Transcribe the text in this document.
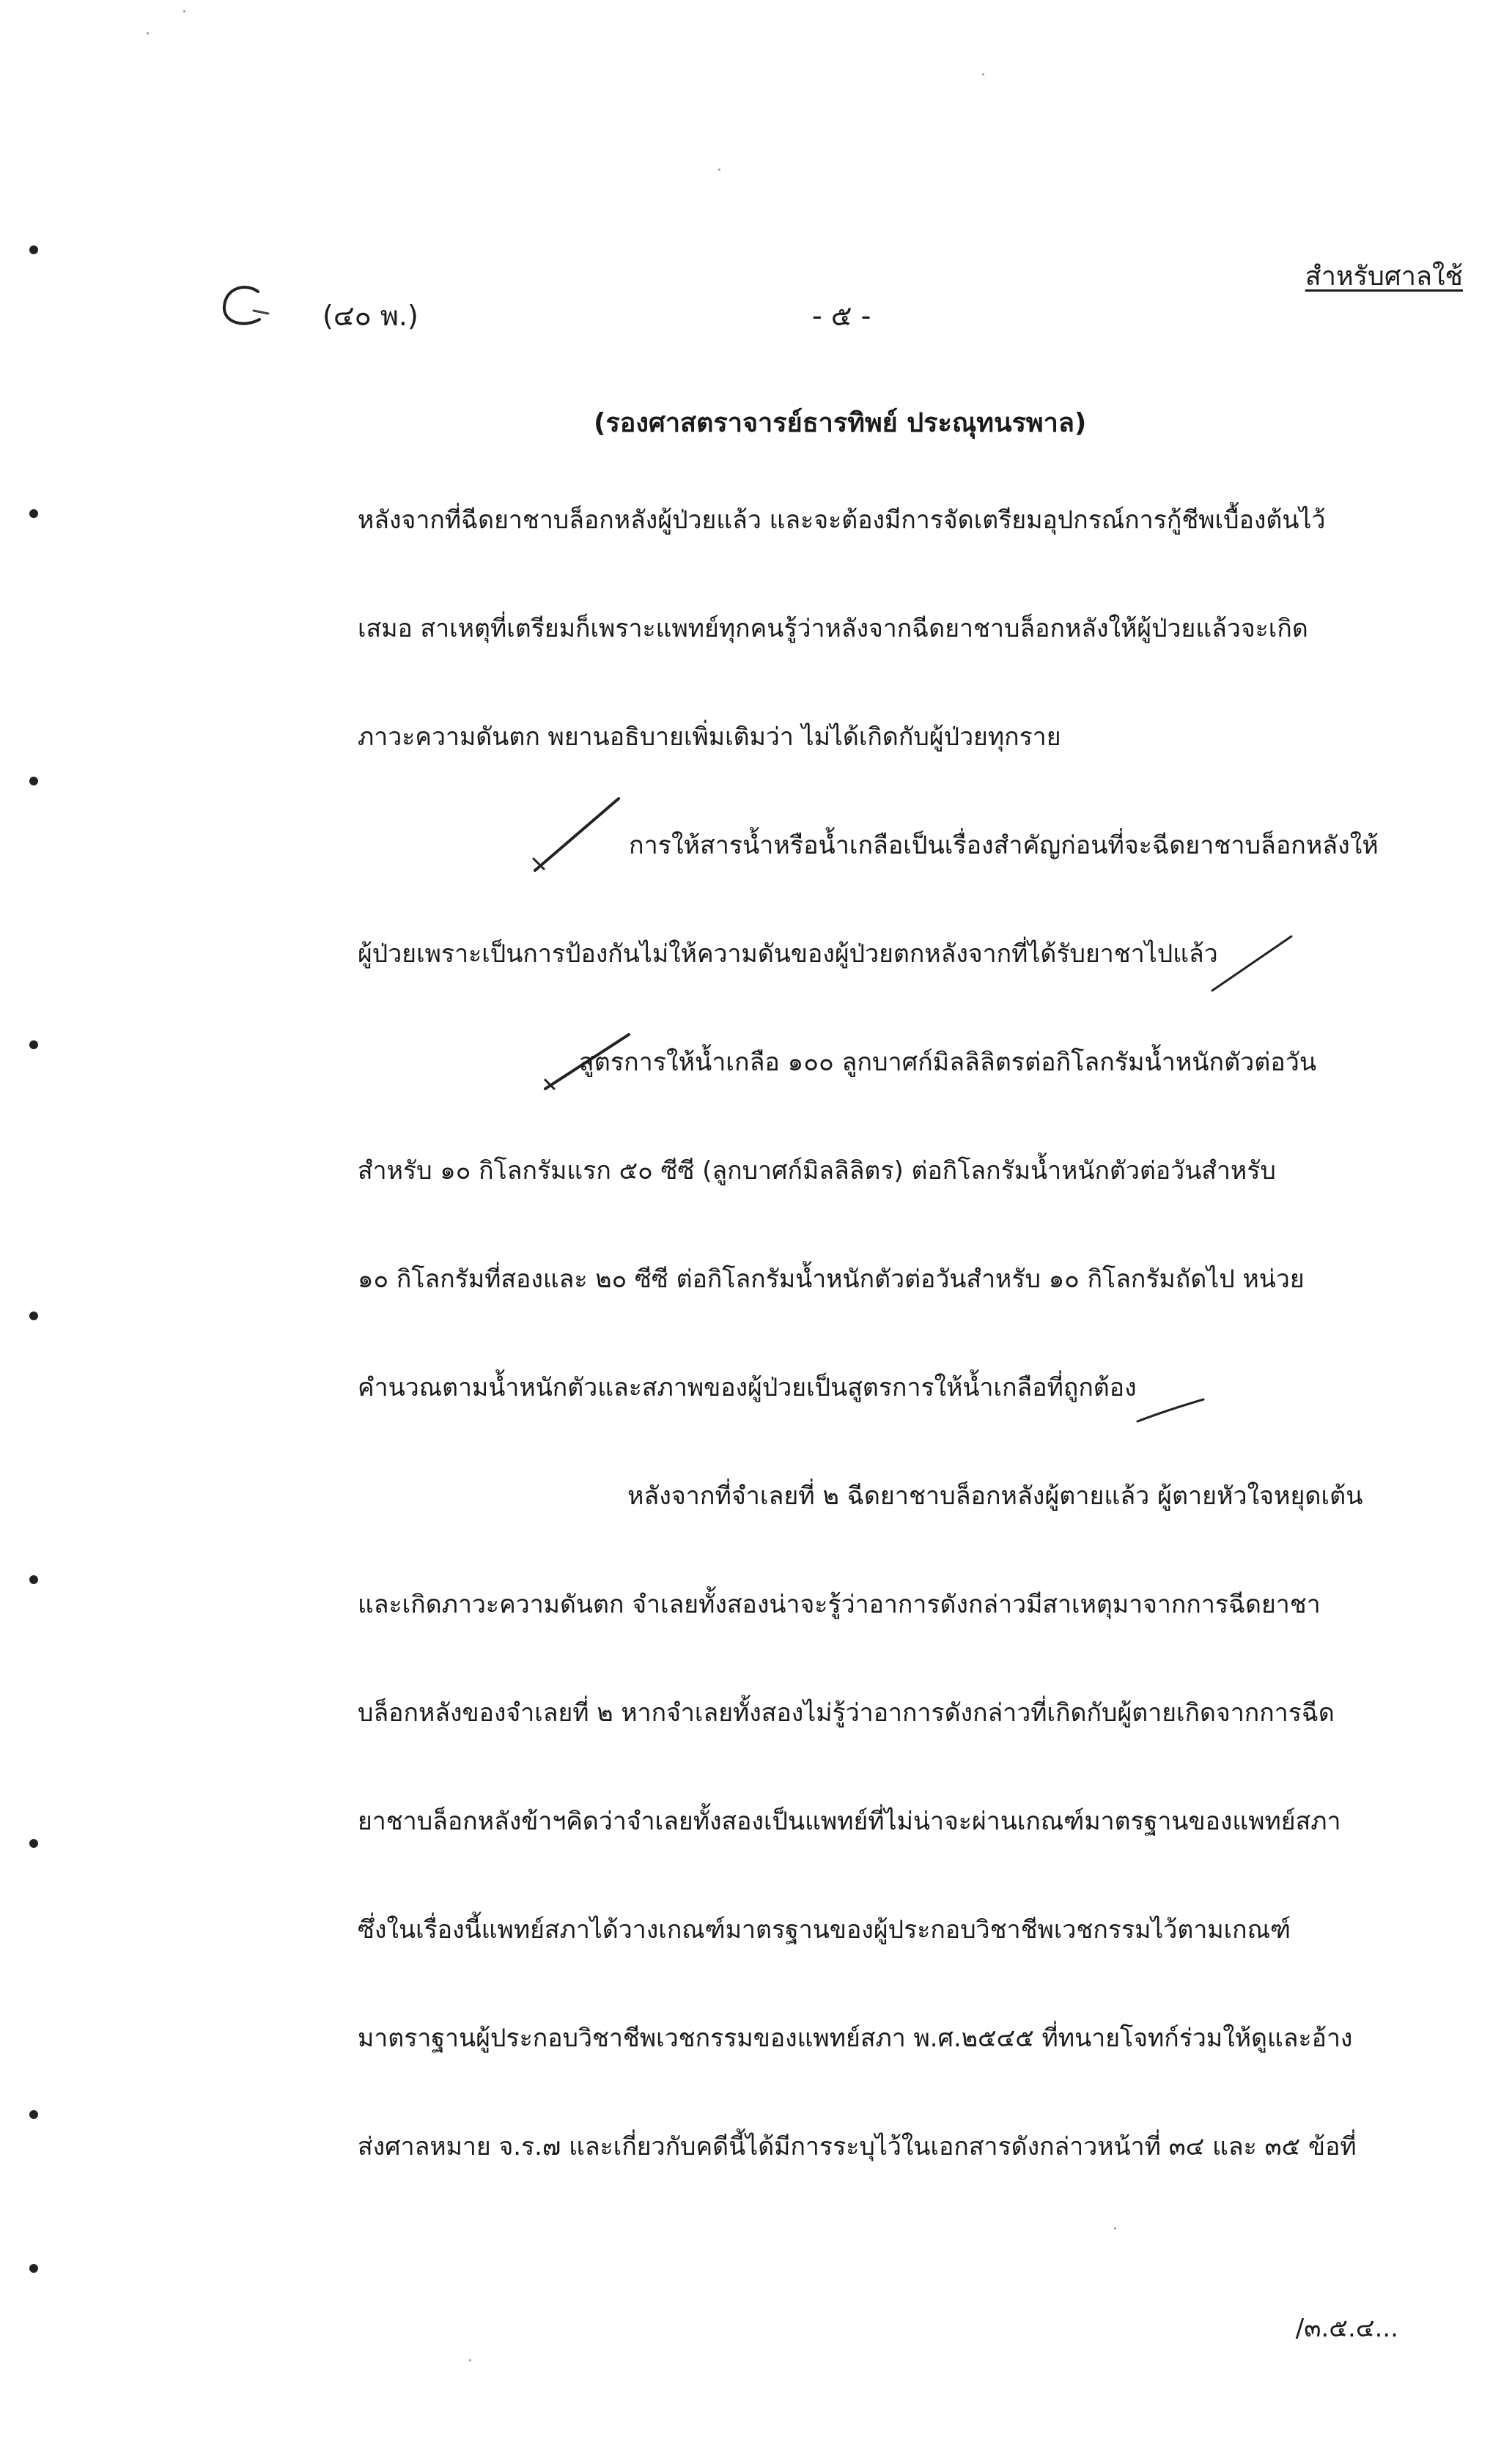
สำหรับศาลใช้
(๔๐ พ.)	- ๕ -
(รองศาสตราจารย์ธารทิพย์ ประณุทนรพาล)
หลังจากที่ฉีดยาชาบล็อกหลังผู้ป่วยแล้ว และจะต้องมีการจัดเตรียมอุปกรณ์การกู้ชีพเบื้องต้นไว้
เสมอ สาเหตุที่เตรียมก็เพราะแพทย์ทุกคนรู้ว่าหลังจากฉีดยาชาบล็อกหลังให้ผู้ป่วยแล้วจะเกิด
ภาวะความดันตก พยานอธิบายเพิ่มเติมว่า ไม่ได้เกิดกับผู้ป่วยทุกราย
การให้สารน้ำหรือน้ำเกลือเป็นเรื่องสำคัญก่อนที่จะฉีดยาชาบล็อกหลังให้
ผู้ป่วยเพราะเป็นการป้องกันไม่ให้ความดันของผู้ป่วยตกหลังจากที่ได้รับยาชาไปแล้ว
สูตรการให้น้ำเกลือ ๑๐๐ ลูกบาศก์มิลลิลิตรต่อกิโลกรัมน้ำหนักตัวต่อวัน
สำหรับ ๑๐ กิโลกรัมแรก ๕๐ ซีซี (ลูกบาศก์มิลลิลิตร) ต่อกิโลกรัมน้ำหนักตัวต่อวันสำหรับ
๑๐ กิโลกรัมที่สองและ ๒๐ ซีซี ต่อกิโลกรัมน้ำหนักตัวต่อวันสำหรับ ๑๐ กิโลกรัมถัดไป หน่วย
คำนวณตามน้ำหนักตัวและสภาพของผู้ป่วยเป็นสูตรการให้น้ำเกลือที่ถูกต้อง
หลังจากที่จำเลยที่ ๒ ฉีดยาชาบล็อกหลังผู้ตายแล้ว ผู้ตายหัวใจหยุดเต้น
และเกิดภาวะความดันตก จำเลยทั้งสองน่าจะรู้ว่าอาการดังกล่าวมีสาเหตุมาจากการฉีดยาชา
บล็อกหลังของจำเลยที่ ๒ หากจำเลยทั้งสองไม่รู้ว่าอาการดังกล่าวที่เกิดกับผู้ตายเกิดจากการฉีด
ยาชาบล็อกหลังข้าฯคิดว่าจำเลยทั้งสองเป็นแพทย์ที่ไม่น่าจะผ่านเกณฑ์มาตรฐานของแพทย์สภา
ซึ่งในเรื่องนี้แพทย์สภาได้วางเกณฑ์มาตรฐานของผู้ประกอบวิชาชีพเวชกรรมไว้ตามเกณฑ์
มาตราฐานผู้ประกอบวิชาชีพเวชกรรมของแพทย์สภา พ.ศ.๒๕๔๕ ที่ทนายโจทก์ร่วมให้ดูและอ้าง
ส่งศาลหมาย จ.ร.๗ และเกี่ยวกับคดีนี้ได้มีการระบุไว้ในเอกสารดังกล่าวหน้าที่ ๓๔ และ ๓๕ ข้อที่
/๓.๕.๔...
